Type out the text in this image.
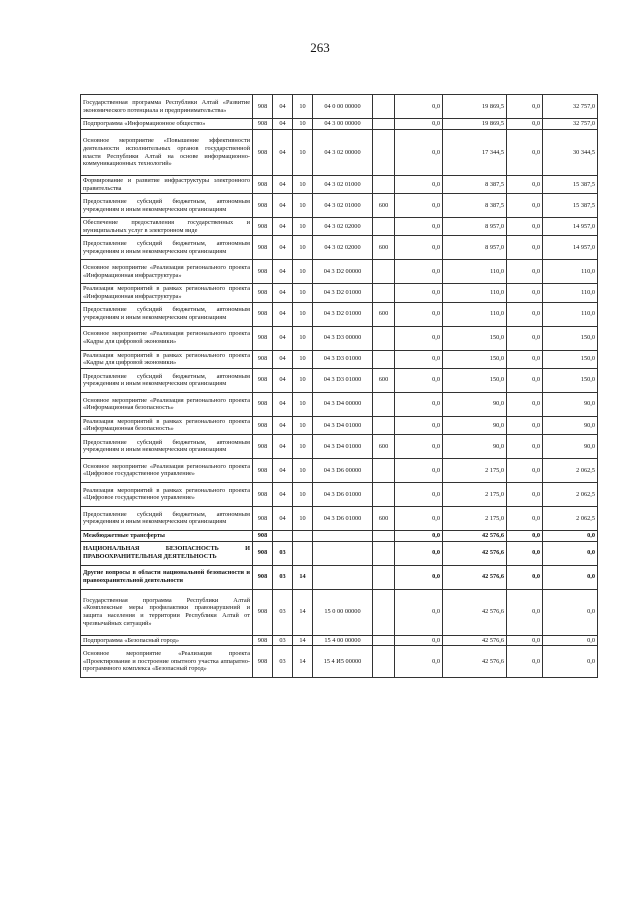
263
Государственная программа Республики Алтай «Развитие экономического потенциала и предпринимательства»	908	04	10	04 0 00 00000		0,0	19 869,5	0,0	32 757,0
Подпрограмма «Информационное общество»	908	04	10	04 3 00 00000		0,0	19 869,5	0,0	32 757,0
Основное мероприятие «Повышение эффективности деятельности исполнительных органов государственной власти Республики Алтай на основе информационно-коммуникационных технологий»	908	04	10	04 3 02 00000		0,0	17 344,5	0,0	30 344,5
Формирование и развитие инфраструктуры электронного правительства	908	04	10	04 3 02 01000		0,0	8 387,5	0,0	15 387,5
Предоставление субсидий бюджетным, автономным учреждениям и иным некоммерческим организациям	908	04	10	04 3 02 01000	600	0,0	8 387,5	0,0	15 387,5
Обеспечение предоставления государственных и муниципальных услуг в электронном виде	908	04	10	04 3 02 02000		0,0	8 957,0	0,0	14 957,0
Предоставление субсидий бюджетным, автономным учреждениям и иным некоммерческим организациям	908	04	10	04 3 02 02000	600	0,0	8 957,0	0,0	14 957,0
Основное мероприятие «Реализация регионального проекта «Информационная инфраструктура»	908	04	10	04 3 D2 00000		0,0	110,0	0,0	110,0
Реализация мероприятий в рамках регионального проекта «Информационная инфраструктура»	908	04	10	04 3 D2 01000		0,0	110,0	0,0	110,0
Предоставление субсидий бюджетным, автономным учреждениям и иным некоммерческим организациям	908	04	10	04 3 D2 01000	600	0,0	110,0	0,0	110,0
Основное мероприятие «Реализация регионального проекта «Кадры для цифровой экономики»	908	04	10	04 3 D3 00000		0,0	150,0	0,0	150,0
Реализация мероприятий в рамках регионального проекта «Кадры для цифровой экономики»	908	04	10	04 3 D3 01000		0,0	150,0	0,0	150,0
Предоставление субсидий бюджетным, автономным учреждениям и иным некоммерческим организациям	908	04	10	04 3 D3 01000	600	0,0	150,0	0,0	150,0
Основное мероприятие «Реализация регионального проекта «Информационная безопасность»	908	04	10	04 3 D4 00000		0,0	90,0	0,0	90,0
Реализация мероприятий в рамках регионального проекта «Информационная безопасность»	908	04	10	04 3 D4 01000		0,0	90,0	0,0	90,0
Предоставление субсидий бюджетным, автономным учреждениям и иным некоммерческим организациям	908	04	10	04 3 D4 01000	600	0,0	90,0	0,0	90,0
Основное мероприятие «Реализация регионального проекта «Цифровое государственное управление»	908	04	10	04 3 D6 00000		0,0	2 175,0	0,0	2 062,5
Реализация мероприятий в рамках регионального проекта «Цифровое государственное управление»	908	04	10	04 3 D6 01000		0,0	2 175,0	0,0	2 062,5
Предоставление субсидий бюджетным, автономным учреждениям и иным некоммерческим организациям	908	04	10	04 3 D6 01000	600	0,0	2 175,0	0,0	2 062,5
Межбюджетные трансферты	908					0,0	42 576,6	0,0	0,0
НАЦИОНАЛЬНАЯ БЕЗОПАСНОСТЬ И ПРАВООХРАНИТЕЛЬНАЯ ДЕЯТЕЛЬНОСТЬ	908	03				0,0	42 576,6	0,0	0,0
Другие вопросы в области национальной безопасности и правоохранительной деятельности	908	03	14			0,0	42 576,6	0,0	0,0
Государственная программа Республики Алтай «Комплексные меры профилактики правонарушений и защита населения и территории Республики Алтай от чрезвычайных ситуаций»	908	03	14	15 0 00 00000		0,0	42 576,6	0,0	0,0
Подпрограмма «Безопасный город»	908	03	14	15 4 00 00000		0,0	42 576,6	0,0	0,0
Основное мероприятие «Реализация проекта «Проектирование и построение опытного участка аппаратно-программного комплекса «Безопасный город»	908	03	14	15 4 И5 00000		0,0	42 576,6	0,0	0,0
